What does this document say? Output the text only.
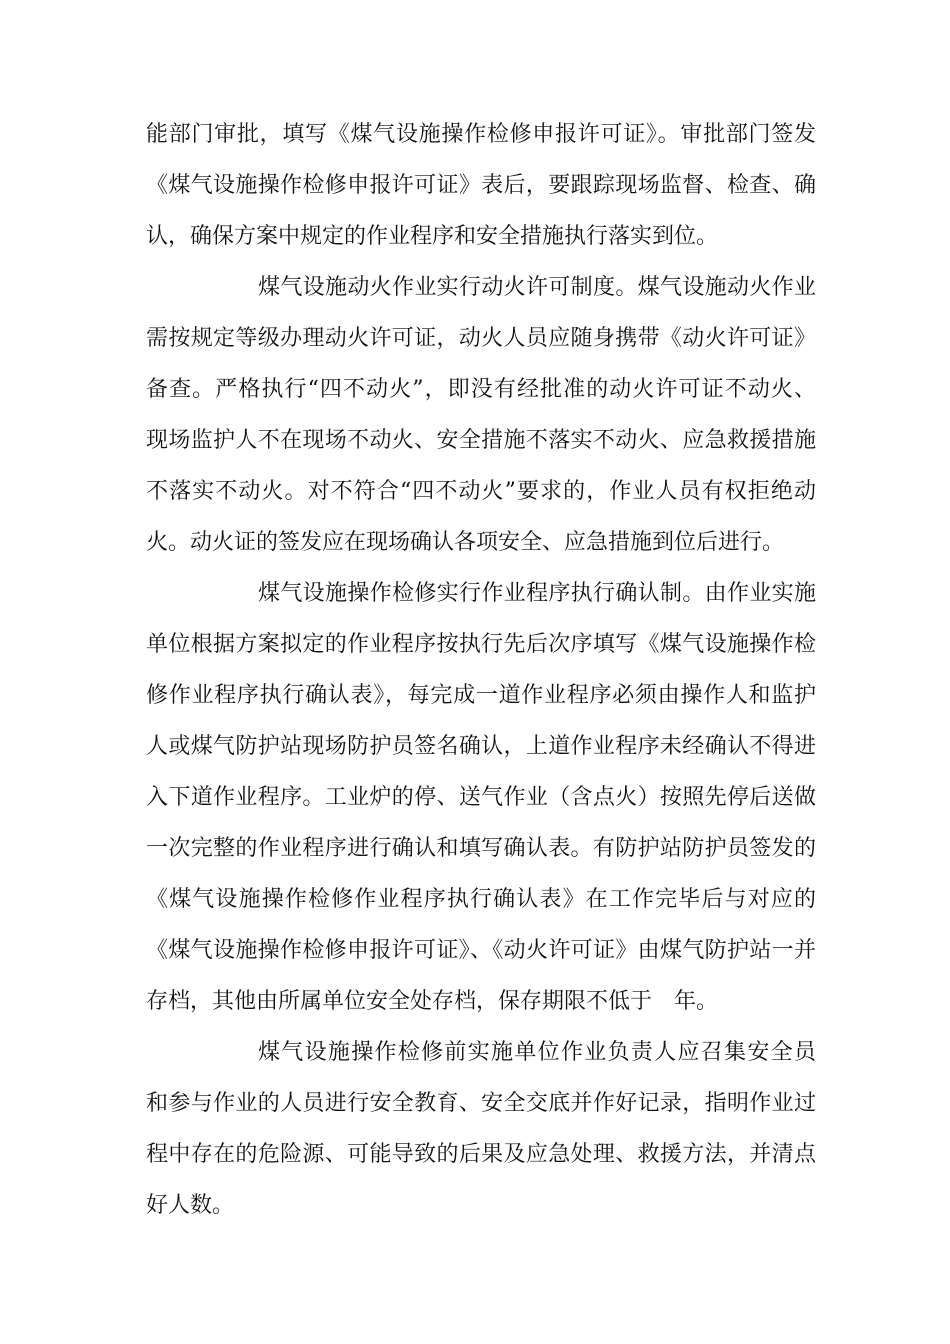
能部门审批，填写《煤气设施操作检修申报许可证》。审批部门签发
《煤气设施操作检修申报许可证》表后，要跟踪现场监督、检查、确
认，确保方案中规定的作业程序和安全措施执行落实到位。
煤气设施动火作业实行动火许可制度。煤气设施动火作业
需按规定等级办理动火许可证，动火人员应随身携带《动火许可证》
备查。严格执行“四不动火”，即没有经批准的动火许可证不动火、
现场监护人不在现场不动火、安全措施不落实不动火、应急救援措施
不落实不动火。对不符合“四不动火”要求的，作业人员有权拒绝动
火。动火证的签发应在现场确认各项安全、应急措施到位后进行。
煤气设施操作检修实行作业程序执行确认制。由作业实施
单位根据方案拟定的作业程序按执行先后次序填写《煤气设施操作检
修作业程序执行确认表》，每完成一道作业程序必须由操作人和监护
人或煤气防护站现场防护员签名确认，上道作业程序未经确认不得进
入下道作业程序。工业炉的停、送气作业（含点火）按照先停后送做
一次完整的作业程序进行确认和填写确认表。有防护站防护员签发的
《煤气设施操作检修作业程序执行确认表》在工作完毕后与对应的
《煤气设施操作检修申报许可证》、《动火许可证》由煤气防护站一并
存档，其他由所属单位安全处存档，保存期限不低于　年。
煤气设施操作检修前实施单位作业负责人应召集安全员
和参与作业的人员进行安全教育、安全交底并作好记录，指明作业过
程中存在的危险源、可能导致的后果及应急处理、救援方法，并清点
好人数。
